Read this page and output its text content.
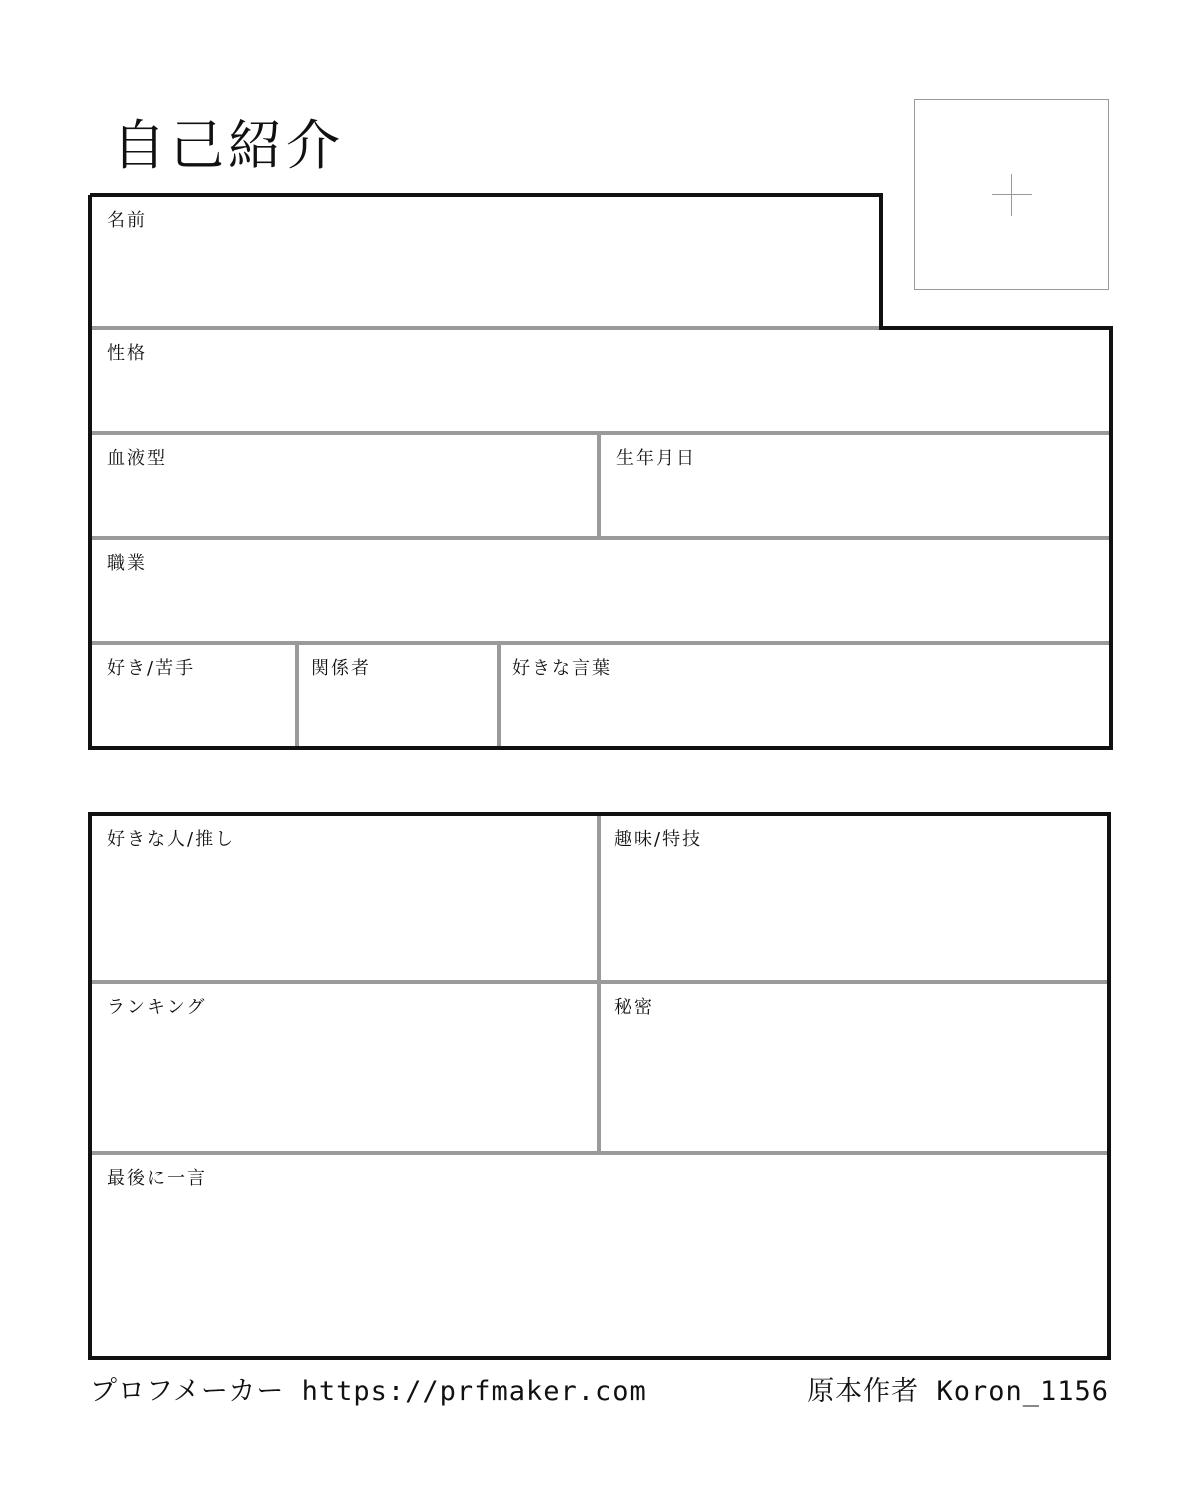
自己紹介
名前
性格
血液型	生年月日
職業
好き/苦手	関係者	好きな言葉
好きな人/推し	趣味/特技
ランキング	秘密
最後に一言
プロフメーカー https://prfmaker.com	原本作者 Koron_1156
